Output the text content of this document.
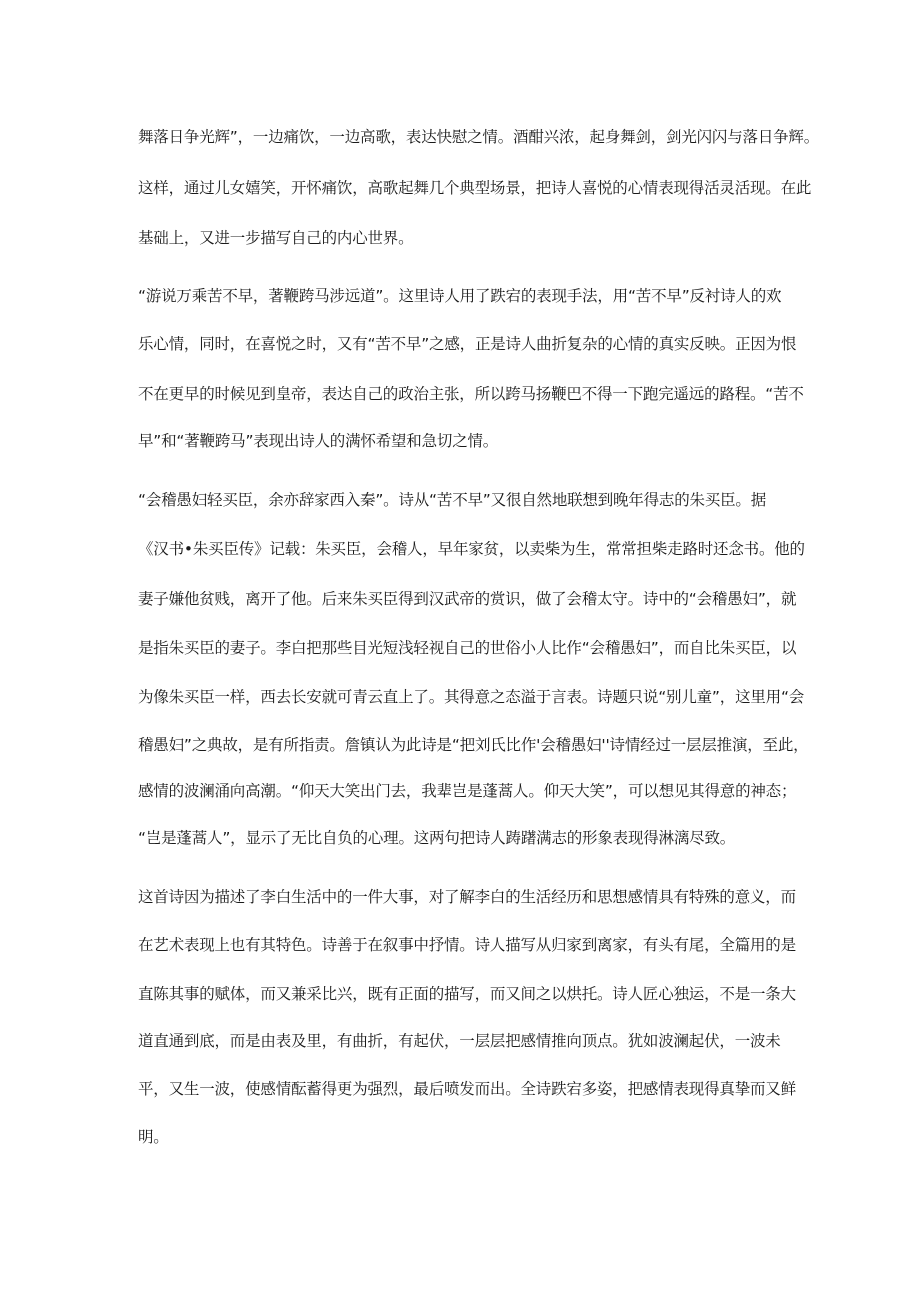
舞落日争光辉”，一边痛饮，一边高歌，表达快慰之情。酒酣兴浓，起身舞剑，剑光闪闪与落日争辉。
这样，通过儿女嬉笑，开怀痛饮，高歌起舞几个典型场景，把诗人喜悦的心情表现得活灵活现。在此
基础上，又进一步描写自己的内心世界。
“游说万乘苦不早，著鞭跨马涉远道”。这里诗人用了跌宕的表现手法，用“苦不早”反衬诗人的欢
乐心情，同时，在喜悦之时，又有“苦不早”之感，正是诗人曲折复杂的心情的真实反映。正因为恨
不在更早的时候见到皇帝，表达自己的政治主张，所以跨马扬鞭巴不得一下跑完遥远的路程。“苦不
早”和“著鞭跨马”表现出诗人的满怀希望和急切之情。
“会稽愚妇轻买臣，余亦辞家西入秦”。诗从“苦不早”又很自然地联想到晚年得志的朱买臣。据
《汉书•朱买臣传》记载：朱买臣，会稽人，早年家贫，以卖柴为生，常常担柴走路时还念书。他的
妻子嫌他贫贱，离开了他。后来朱买臣得到汉武帝的赏识，做了会稽太守。诗中的“会稽愚妇”，就
是指朱买臣的妻子。李白把那些目光短浅轻视自己的世俗小人比作“会稽愚妇”，而自比朱买臣，以
为像朱买臣一样，西去长安就可青云直上了。其得意之态溢于言表。诗题只说“别儿童”，这里用“会
稽愚妇”之典故，是有所指责。詹镇认为此诗是“把刘氏比作'会稽愚妇''诗情经过一层层推演，至此，
感情的波澜涌向高潮。“仰天大笑出门去，我辈岂是蓬蒿人。仰天大笑”，可以想见其得意的神态；
“岂是蓬蒿人”，显示了无比自负的心理。这两句把诗人踌躇满志的形象表现得淋漓尽致。
这首诗因为描述了李白生活中的一件大事，对了解李白的生活经历和思想感情具有特殊的意义，而
在艺术表现上也有其特色。诗善于在叙事中抒情。诗人描写从归家到离家，有头有尾，全篇用的是
直陈其事的赋体，而又兼采比兴，既有正面的描写，而又间之以烘托。诗人匠心独运，不是一条大
道直通到底，而是由表及里，有曲折，有起伏，一层层把感情推向顶点。犹如波澜起伏，一波未
平，又生一波，使感情酝蓄得更为强烈，最后喷发而出。全诗跌宕多姿，把感情表现得真挚而又鲜
明。
